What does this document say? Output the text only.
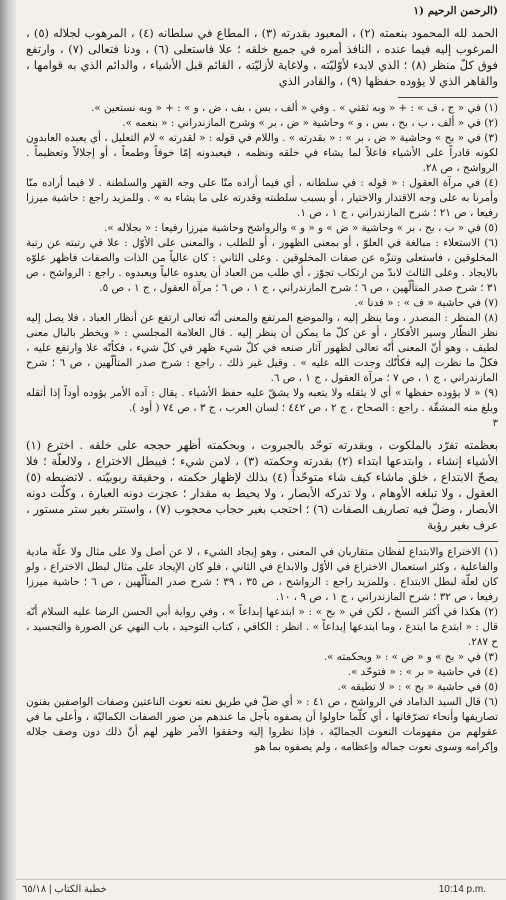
(الرحمن الرحيم (١

الحمد لله المحمود بنعمته (٢) ، المعبود بقدرته (٣) ، المطاع في سلطانه (٤) ، المرهوب لجلاله (٥) ، المرغوب إليه فيما عنده ، النافذ أمره في جميع خلقه ؛ علا فاستعلى (٦) ، ودنا فتعالى (٧) ، وارتفع فوق كلّ منظر (٨) ؛ الذي لابدء لأوّليّته ، ولاغاية لأزليّته ، القائم قبل الأشياء ، والدائم الذي به قوامها ، والقاهر الذي لا يؤوده حفظها (٩) ، والقادر الذي

(١) في « ج ، ف » : + « وبه ثقتي » . وفي « ألف ، بس ، بف ، ض ، و » : + « وبه نستعين ».

(٢) في « ألف ، ب ، بح ، بس ، و » وحاشية « ض ، بر » وشرح المازندراني : « بنعمه ».

(٣) في « بح » وحاشية « ض ، بر » : « بقدرته » . واللام في قوله : « لقدرته » لام التعليل ، أي يعبده العابدون لكونه قادراً على الأشياء فاعلاً لما يشاء في خلقه ونظمه ، فيعبدونه إمّا خوفاً وطمعاً ، أو إجلالاً وتعظيماً . الرواشح ، ص ٢٨.

(٤) في مرآة العقول : « قوله : في سلطانه ، أي فيما أراده منّا على وجه القهر والسلطنة . لا فيما أراده منّا وأمرنا به على وجه الاقتدار والاختيار ، أو بسبب سلطنته وقدرته على ما يشاء به » . وللمزيد راجع : حاشية ميرزا رفيعا ، ص ٢١ ؛ شرح المازندراني ، ج ١ ، ص ١.

(٥) في « ب ، بح ، بر » وحاشية « ض » و « و » والرواشح وحاشية ميرزا رفيعا : « بجلاله ».

(٦) الاستعلاء : مبالغة في العلوّ ، أو بمعنى الظهور ، أو للطلب ، والمعنى على الأوّل : علا في رتبته عن رتبة المخلوقين ، فاستعلى وتنزّه عن صفات المخلوقين . وعلى الثاني : كان عالياً من الذات والصفات فاظهر علوّه بالايجاد . وعلى الثالث لابدّ من ارتكاب تجوّز ، أي طلب من العباد أن يعدوه عالياً ويعبدوه . راجع : الرواشح ، ص ٣١ ؛ شرح صدر المتألّهين ، ص ٦ ؛ شرح المازندراني ، ج ١ ، ص ٦ ؛ مرآة العقول ، ج ١ ، ص ٥.

(٧) في حاشية « ف » : « فدنا ».

(٨) المنظر : المصدر ، وما ينظر إليه ، والموضع المرتفع والمعنى أنّه تعالى ارتفع عن أنظار العباد ، فلا يصل إليه نظر النظّار وسير الأفكار ، أو عن كلّ ما يمكن أن ينظر إليه . قال العلامة المجلسي : « ويخطر بالبال معنى لطيف ، وهو أنّ المعنى أنّه تعالى لظهور آثار صنعه في كلّ شيء ظهر في كلّ شيء ، فكأنّه علا وارتفع عليه ، فكلّ ما نظرت إليه فكأنّك وجدت الله عليه » . وقيل غير ذلك . راجع : شرح صدر المتألّهين ، ص ٦ ؛ شرح المازندراني ، ج ١ ، ص ٧ ؛ مرآة العقول ، ج ١ ، ص ٦.

(٩) « لا يؤوده حفظها » أي لا يثقله ولا يتعبه ولا يشقّ عليه حفظ الأشياء . يقال : آده الأمر يؤوده أوداً إذا أثقله وبلغ منه المشقّة . راجع : الصحاح ، ج ٢ ، ص ٤٤٢ ؛ لسان العرب ، ج ٣ ، ص ٧٤ ( أود ).

٣

بعظمته تفرّد بالملكوت ، وبقدرته توحّد بالجبروت ، وبحكمته أظهر حججه على خلقه . اخترع (١) الأشياء إنشاء ، وابتدعها ابتداء (٢) بقدرته وحكمته (٣) ، لامن شيء ؛ فيبطل الاختراع ، ولالعلّة ؛ فلا يصحّ الابتداع ، خلق ماشاء كيف شاء متوحّداً (٤) بذلك لإظهار حكمته ، وحقيقة ربوبيّته . لاتضبطه (٥) العقول ، ولا تبلغه الأوهام ، ولا تدركه الأبصار ، ولا يحيط به مقدار ؛ عجزت دونه العبارة ، وكلّت دونه الأبصار ، وضلّ فيه تصاريف الصفات (٦) ؛ احتجب بغير حجاب محجوب (٧) ، واستتر بغير ستر مستور ، عرف بغير رؤية

(١) الاختراع والابتداع لفظان متقاربان في المعنى ، وهو إيجاد الشيء ، لا عن أصل ولا على مثال ولا علّة مادية والفاعلية ، وكثر استعمال الاختراع في الأوّل والابداع في الثاني ، فلو كان الإيجاد على مثال لبطل الاختراع ، ولو كان لعلّة لبطل الابتداع . وللمزيد راجع : الرواشح ، ص ٣٥ ، ٣٩ ؛ شرح صدر المتألّهين ، ص ٦ ؛ حاشية ميرزا رفيعا ، ص ٣٢ ؛ شرح المازندراني ، ج ١ ، ص ٩ ، ١٠.

(٢) هكذا في أكثر النسخ ، لكن في « بح » : « ابتدعها إبداعاً » ، وفي رواية أبي الحسن الرضا عليه السلام أنّه قال : « ابتدع ما ابتدع ، وما ابتدعها إبداعاً » . انظر : الكافي ، كتاب التوحيد ، باب النهي عن الصورة والتجسيد ، ح ٢٨٧.

(٣) في « بح » و « ض » : « وبحكمته ».

(٤) في حاشية « بر » : « فتوحّد ».

(٥) في حاشية « بح » : « لا تطيقه ».

(٦) قال السيد الداماد في الرواشح ، ص ٤١ : « أي ضلّ في طريق نعته نعوت الناعتين وصفات الواصفين بفنون تصاريفها وأنحاء تصرّفاتها ، أي كلّما حاولوا أن يصفوه بأجل ما عندهم من صور الصفات الكماليّة ، وأعلى ما في عقولهم من مفهومات النعوت الجماليّة ، فإذا نظروا إليه وحققوا الأمر ظهر لهم أنّ ذلك دون وصف جلاله وإكرامه وسوى نعوت جماله وإعظامه ، ولم يصفوه بما هو

10:14 p.m.
خطبة الكتاب | ٦٥/١٨
